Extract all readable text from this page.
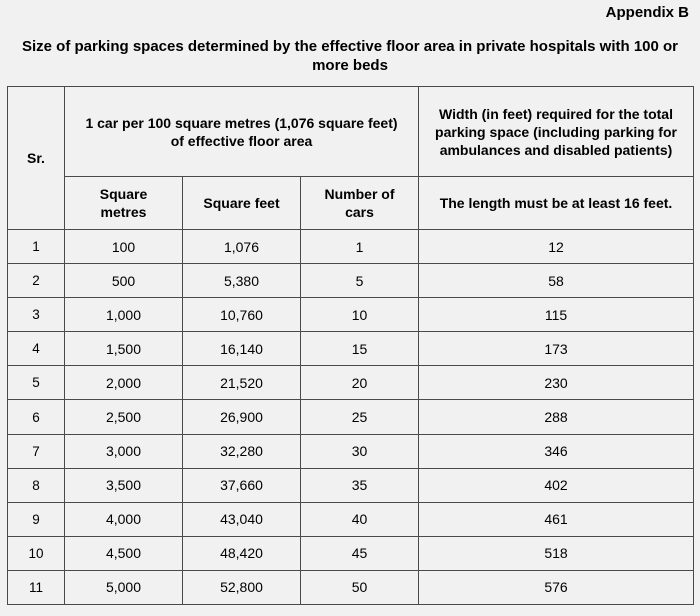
Appendix B
Size of parking spaces determined by the effective floor area in private hospitals with 100 or
more beds
Sr.	1 car per 100 square metres (1,076 square feet) of effective floor area			Width (in feet) required for the total parking space (including parking for ambulances and disabled patients)
	Square metres	Square feet	Number of cars	The length must be at least 16 feet.
1	100	1,076	1	12
2	500	5,380	5	58
3	1,000	10,760	10	115
4	1,500	16,140	15	173
5	2,000	21,520	20	230
6	2,500	26,900	25	288
7	3,000	32,280	30	346
8	3,500	37,660	35	402
9	4,000	43,040	40	461
10	4,500	48,420	45	518
11	5,000	52,800	50	576
